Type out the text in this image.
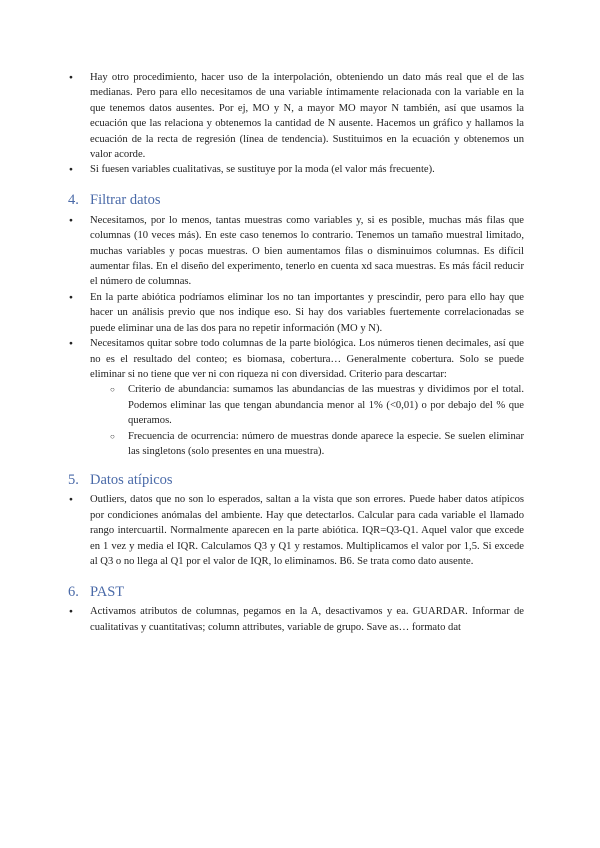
● Hay otro procedimiento, hacer uso de la interpolación, obteniendo un dato más real que el de las medianas. Pero para ello necesitamos de una variable íntimamente relacionada con la variable en la que tenemos datos ausentes. Por ej, MO y N, a mayor MO mayor N también, así que usamos la ecuación que las relaciona y obtenemos la cantidad de N ausente. Hacemos un gráfico y hallamos la ecuación de la recta de regresión (línea de tendencia). Sustituimos en la ecuación y obtenemos un valor acorde.
● Si fuesen variables cualitativas, se sustituye por la moda (el valor más frecuente).
4. Filtrar datos
● Necesitamos, por lo menos, tantas muestras como variables y, si es posible, muchas más filas que columnas (10 veces más). En este caso tenemos lo contrario. Tenemos un tamaño muestral limitado, muchas variables y pocas muestras. O bien aumentamos filas o disminuimos columnas. Es difícil aumentar filas. En el diseño del experimento, tenerlo en cuenta xd saca muestras. Es más fácil reducir el número de columnas.
● En la parte abiótica podríamos eliminar los no tan importantes y prescindir, pero para ello hay que hacer un análisis previo que nos indique eso. Si hay dos variables fuertemente correlacionadas se puede eliminar una de las dos para no repetir información (MO y N).
● Necesitamos quitar sobre todo columnas de la parte biológica. Los números tienen decimales, así que no es el resultado del conteo; es biomasa, cobertura… Generalmente cobertura. Solo se puede eliminar si no tiene que ver ni con riqueza ni con diversidad. Criterio para descartar:
○ Criterio de abundancia: sumamos las abundancias de las muestras y dividimos por el total. Podemos eliminar las que tengan abundancia menor al 1% (<0,01) o por debajo del % que queramos.
○ Frecuencia de ocurrencia: número de muestras donde aparece la especie. Se suelen eliminar las singletons (solo presentes en una muestra).
5. Datos atípicos
● Outliers, datos que no son lo esperados, saltan a la vista que son errores. Puede haber datos atípicos por condiciones anómalas del ambiente. Hay que detectarlos. Calcular para cada variable el llamado rango intercuartil. Normalmente aparecen en la parte abiótica. IQR=Q3-Q1. Aquel valor que excede en 1 vez y media el IQR. Calculamos Q3 y Q1 y restamos. Multiplicamos el valor por 1,5. Si excede al Q3 o no llega al Q1 por el valor de IQR, lo eliminamos. B6. Se trata como dato ausente.
6. PAST
● Activamos atributos de columnas, pegamos en la A, desactivamos y ea. GUARDAR. Informar de cualitativas y cuantitativas; column attributes, variable de grupo. Save as… formato dat
